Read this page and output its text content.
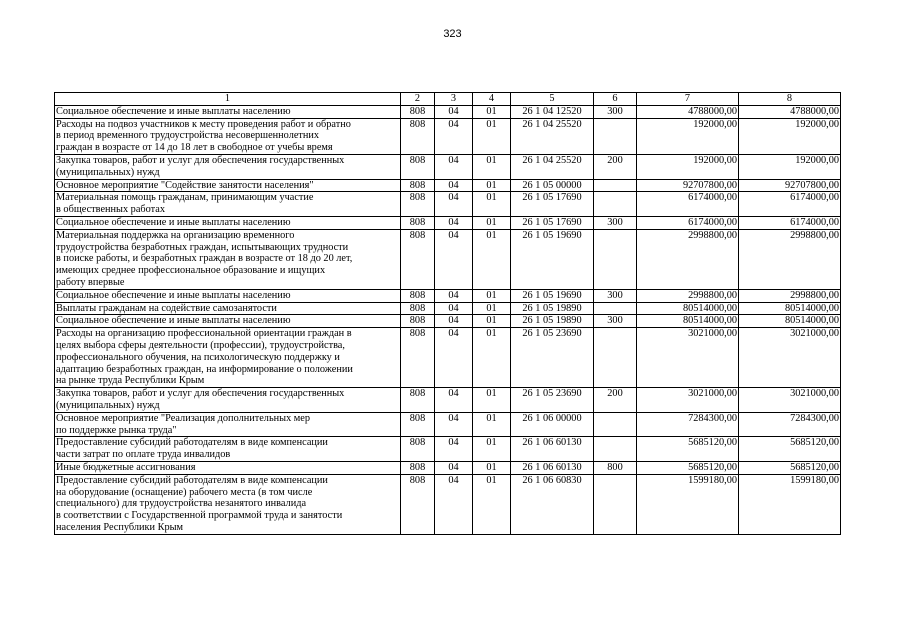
323
1	2	3	4	5	6	7	8

Социальное обеспечение и иные выплаты населению	808	04	01	26 1 04 12520	300	4788000,00	4788000,00

Расходы на подвоз участников к месту проведения работ и обратно
в период временного трудоустройства несовершеннолетних
граждан в возрасте от 14 до 18 лет в свободное от учебы время	808	04	01	26 1 04 25520		192000,00	192000,00

Закупка товаров, работ и услуг для обеспечения государственных
(муниципальных) нужд	808	04	01	26 1 04 25520	200	192000,00	192000,00

Основное мероприятие "Содействие занятости населения"	808	04	01	26 1 05 00000		92707800,00	92707800,00

Материальная помощь гражданам, принимающим участие
в общественных работах	808	04	01	26 1 05 17690		6174000,00	6174000,00

Социальное обеспечение и иные выплаты населению	808	04	01	26 1 05 17690	300	6174000,00	6174000,00

Материальная поддержка на организацию временного
трудоустройства безработных граждан, испытывающих трудности
в поиске работы, и безработных граждан в возрасте от 18 до 20 лет,
имеющих среднее профессиональное образование и ищущих
работу впервые	808	04	01	26 1 05 19690		2998800,00	2998800,00

Социальное обеспечение и иные выплаты населению	808	04	01	26 1 05 19690	300	2998800,00	2998800,00

Выплаты гражданам на содействие самозанятости	808	04	01	26 1 05 19890		80514000,00	80514000,00

Социальное обеспечение и иные выплаты населению	808	04	01	26 1 05 19890	300	80514000,00	80514000,00

Расходы на организацию профессиональной ориентации граждан в
целях выбора сферы деятельности (профессии), трудоустройства,
профессионального обучения, на психологическую поддержку и
адаптацию безработных граждан, на информирование о положении
на рынке труда Республики Крым	808	04	01	26 1 05 23690		3021000,00	3021000,00

Закупка товаров, работ и услуг для обеспечения государственных
(муниципальных) нужд	808	04	01	26 1 05 23690	200	3021000,00	3021000,00

Основное мероприятие "Реализация дополнительных мер
по поддержке рынка труда"	808	04	01	26 1 06 00000		7284300,00	7284300,00

Предоставление субсидий работодателям в виде компенсации
части затрат по оплате труда инвалидов	808	04	01	26 1 06 60130		5685120,00	5685120,00

Иные бюджетные ассигнования	808	04	01	26 1 06 60130	800	5685120,00	5685120,00

Предоставление субсидий работодателям в виде компенсации
на оборудование (оснащение) рабочего места (в том числе
специального) для трудоустройства незанятого инвалида
в соответствии с Государственной программой труда и занятости
населения Республики Крым	808	04	01	26 1 06 60830		1599180,00	1599180,00
